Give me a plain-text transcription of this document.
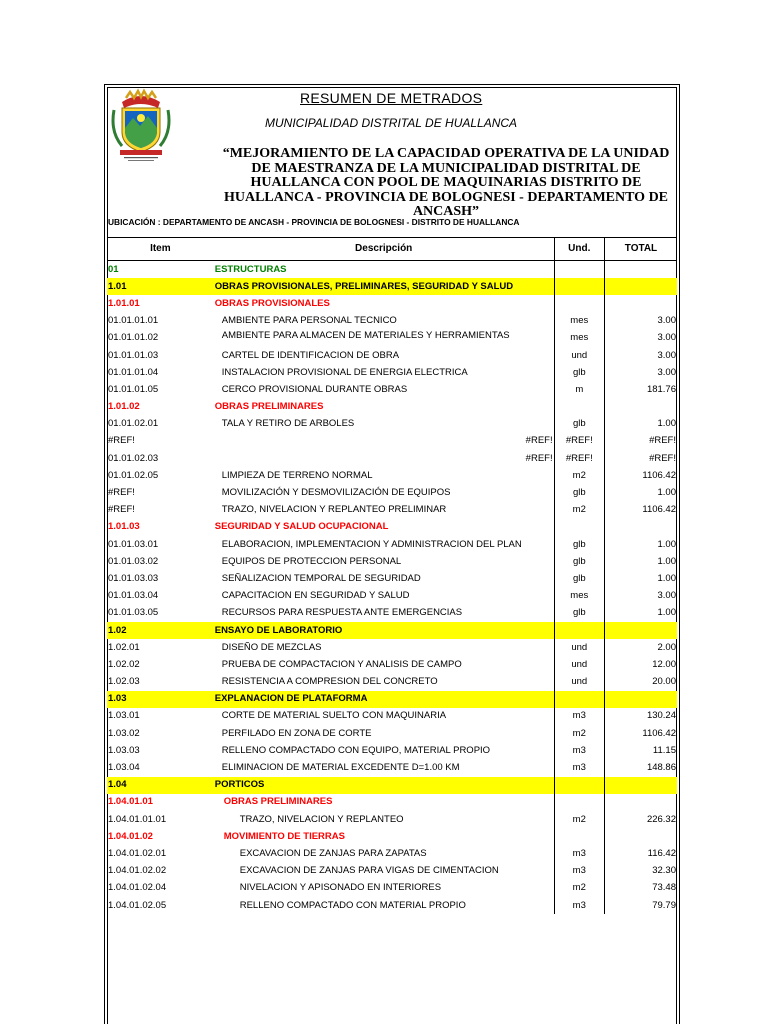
RESUMEN DE METRADOS
MUNICIPALIDAD DISTRITAL DE HUALLANCA
“MEJORAMIENTO DE LA CAPACIDAD OPERATIVA DE LA UNIDAD DE MAESTRANZA DE LA MUNICIPALIDAD DISTRITAL DE HUALLANCA CON POOL DE MAQUINARIAS DISTRITO DE HUALLANCA - PROVINCIA DE BOLOGNESI - DEPARTAMENTO DE ANCASH”
UBICACIÓN : DEPARTAMENTO DE ANCASH - PROVINCIA DE BOLOGNESI - DISTRITO DE HUALLANCA
Item	Descripción	Und.	TOTAL
01	ESTRUCTURAS		
1.01	OBRAS PROVISIONALES, PRELIMINARES, SEGURIDAD Y SALUD		
1.01.01	OBRAS PROVISIONALES		
01.01.01.01	AMBIENTE PARA PERSONAL TECNICO	mes	3.00
01.01.01.02	AMBIENTE PARA ALMACEN DE MATERIALES Y HERRAMIENTAS	mes	3.00
01.01.01.03	CARTEL DE IDENTIFICACION DE OBRA	und	3.00
01.01.01.04	INSTALACION PROVISIONAL DE ENERGIA ELECTRICA	glb	3.00
01.01.01.05	CERCO PROVISIONAL DURANTE OBRAS	m	181.76
1.01.02	OBRAS PRELIMINARES		
01.01.02.01	TALA Y RETIRO DE ARBOLES	glb	1.00
#REF!	#REF!	#REF!	#REF!
01.01.02.03	#REF!	#REF!	#REF!
01.01.02.05	LIMPIEZA DE TERRENO NORMAL	m2	1106.42
#REF!	MOVILIZACIÓN Y DESMOVILIZACIÓN DE EQUIPOS	glb	1.00
#REF!	TRAZO, NIVELACION Y REPLANTEO PRELIMINAR	m2	1106.42
1.01.03	SEGURIDAD Y SALUD OCUPACIONAL		
01.01.03.01	ELABORACION, IMPLEMENTACION Y ADMINISTRACION DEL PLAN	glb	1.00
01.01.03.02	EQUIPOS DE PROTECCION PERSONAL	glb	1.00
01.01.03.03	SEÑALIZACION TEMPORAL DE SEGURIDAD	glb	1.00
01.01.03.04	CAPACITACION EN SEGURIDAD Y SALUD	mes	3.00
01.01.03.05	RECURSOS PARA RESPUESTA ANTE EMERGENCIAS	glb	1.00
1.02	ENSAYO DE LABORATORIO		
1.02.01	DISEÑO DE MEZCLAS	und	2.00
1.02.02	PRUEBA DE COMPACTACION Y ANALISIS DE CAMPO	und	12.00
1.02.03	RESISTENCIA A COMPRESION DEL CONCRETO	und	20.00
1.03	EXPLANACION DE PLATAFORMA		
1.03.01	CORTE DE MATERIAL SUELTO CON MAQUINARIA	m3	130.24
1.03.02	PERFILADO EN ZONA DE CORTE	m2	1106.42
1.03.03	RELLENO COMPACTADO CON EQUIPO, MATERIAL PROPIO	m3	11.15
1.03.04	ELIMINACION DE MATERIAL EXCEDENTE D=1.00 KM	m3	148.86
1.04	PORTICOS		
1.04.01.01	OBRAS PRELIMINARES		
1.04.01.01.01	TRAZO, NIVELACION Y REPLANTEO	m2	226.32
1.04.01.02	MOVIMIENTO DE TIERRAS		
1.04.01.02.01	EXCAVACION DE ZANJAS PARA ZAPATAS	m3	116.42
1.04.01.02.02	EXCAVACION DE ZANJAS PARA VIGAS DE CIMENTACION	m3	32.30
1.04.01.02.04	NIVELACION Y APISONADO EN INTERIORES	m2	73.48
1.04.01.02.05	RELLENO COMPACTADO CON MATERIAL PROPIO	m3	79.79
